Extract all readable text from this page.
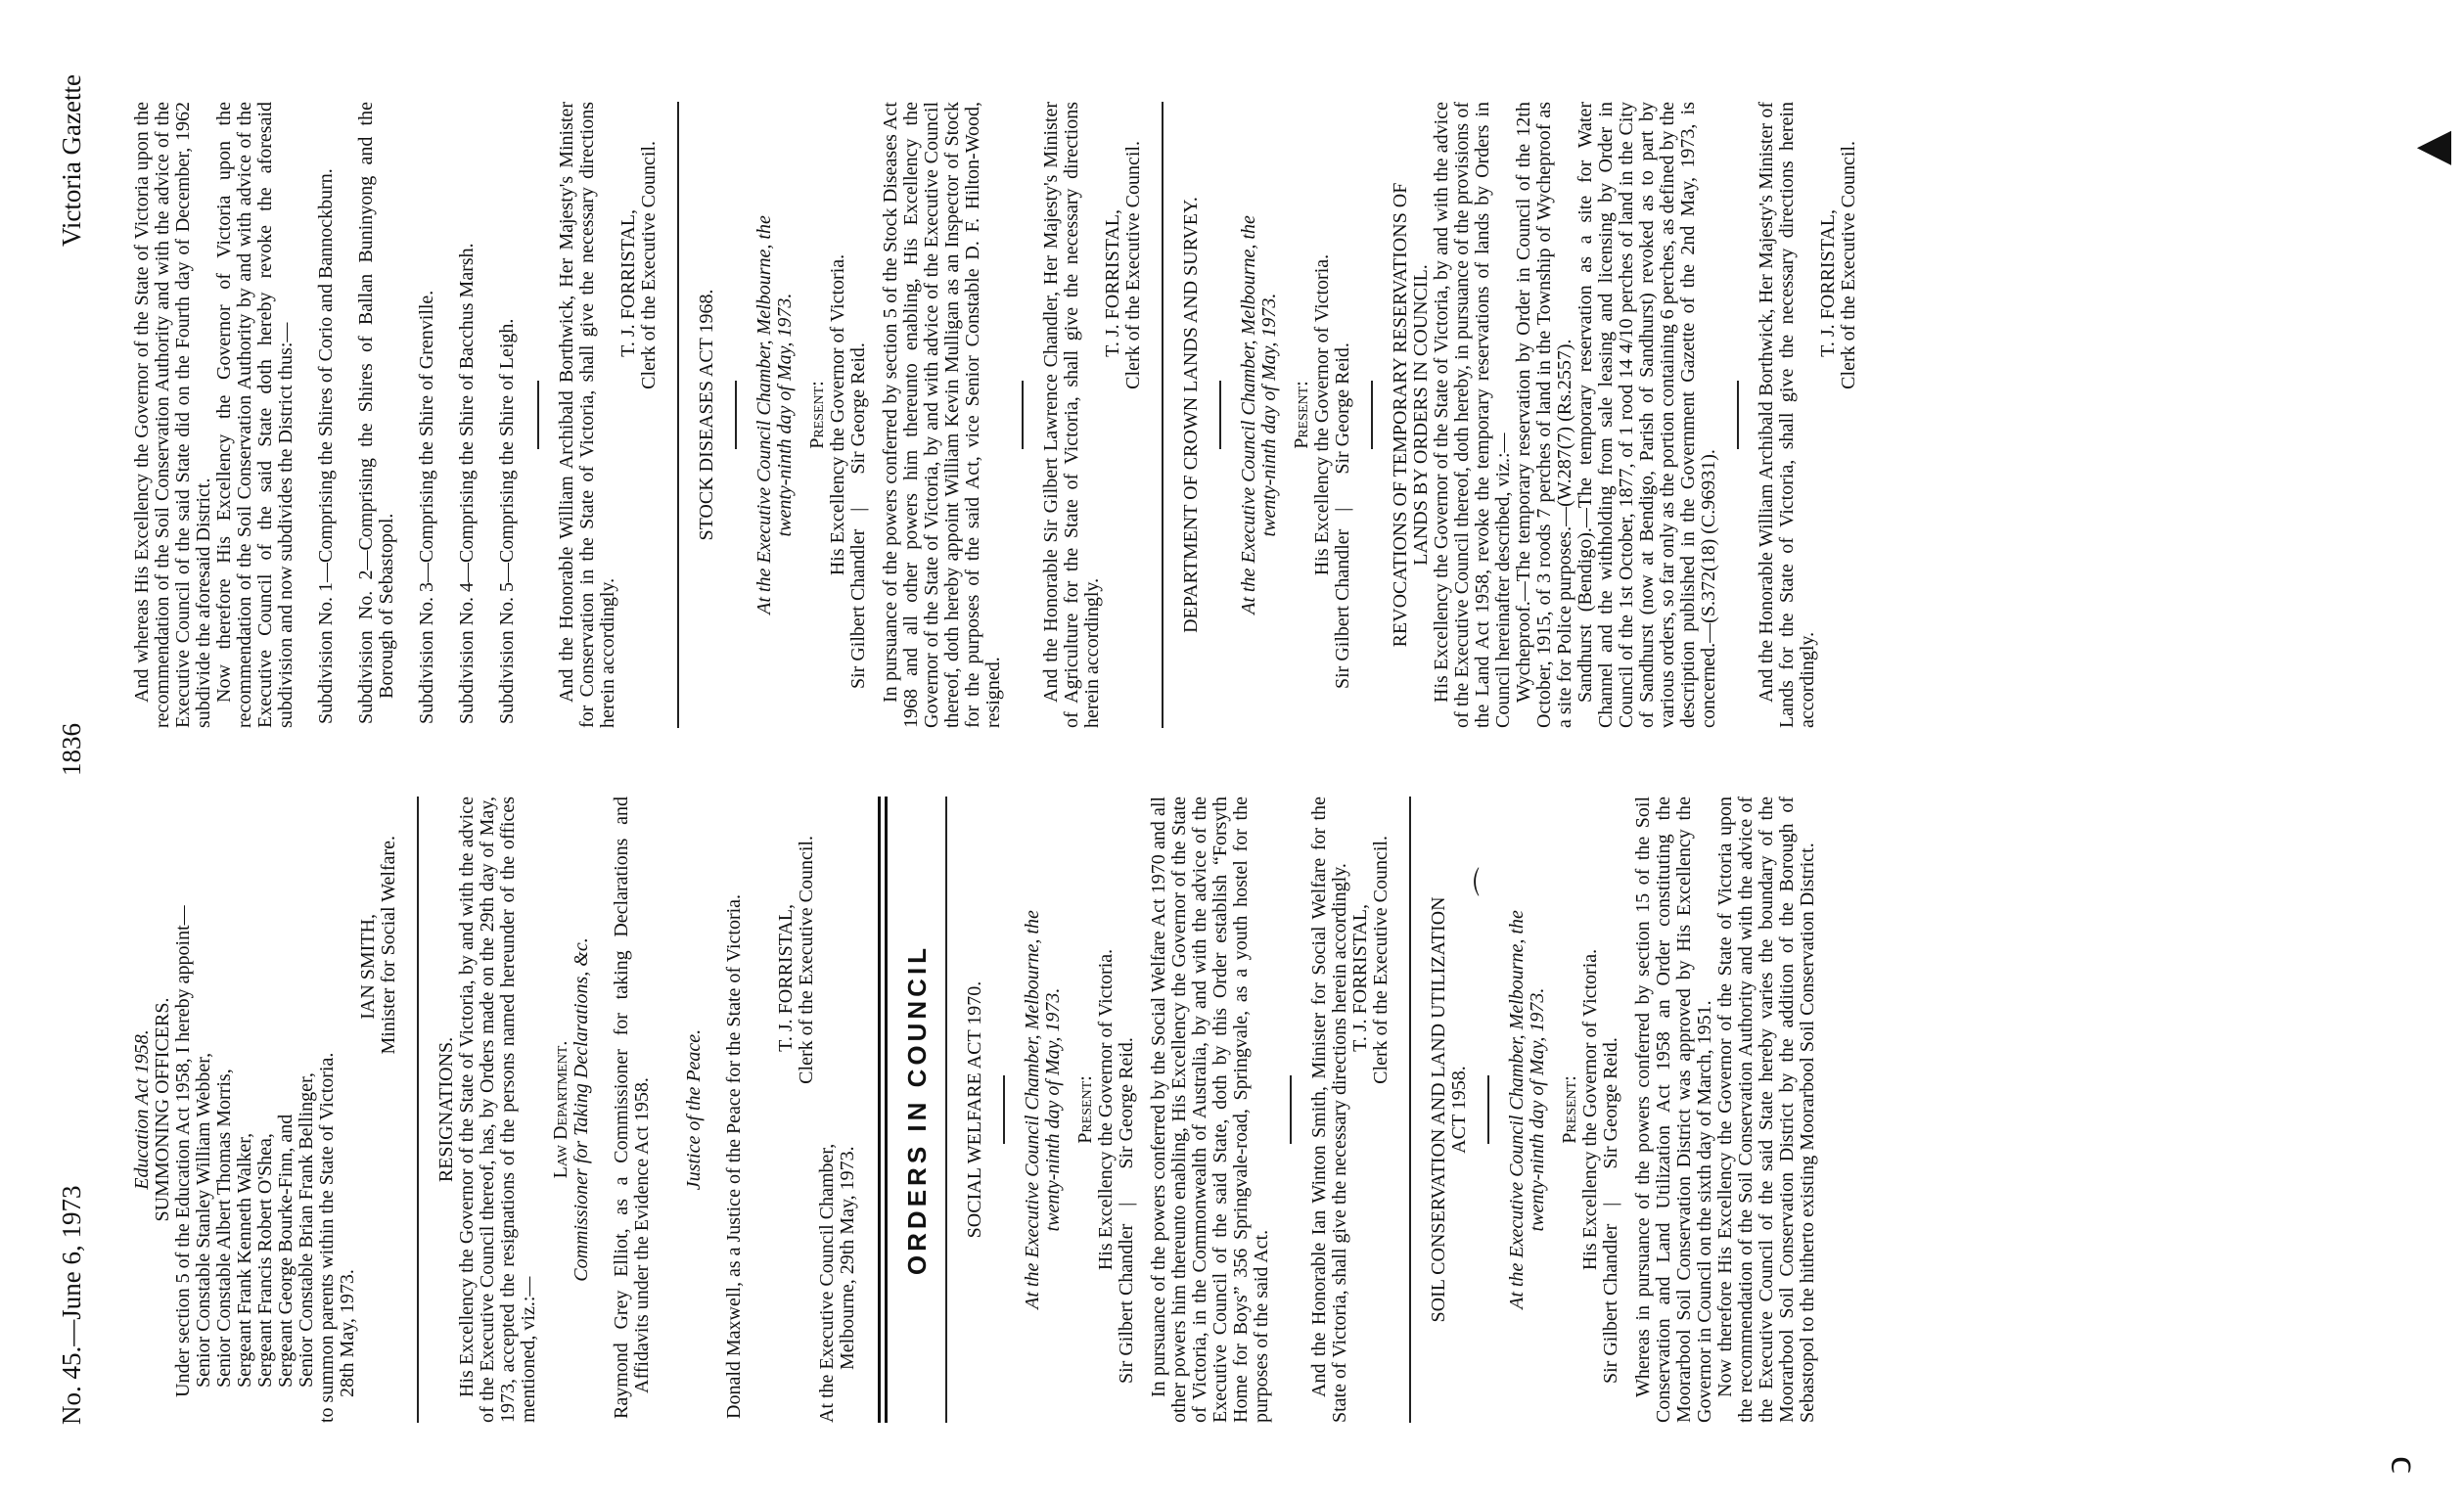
No. 45.—June 6, 1973
1836
Victoria Gazette

Education Act 1958. SUMMONING OFFICERS. Under section 5 of the Education Act 1958, I hereby appoint— Senior Constable Stanley William Webber, Senior Constable Albert Thomas Morris, Sergeant Frank Kenneth Walker, Sergeant Francis Robert O'Shea, Sergeant George Bourke-Finn, and Senior Constable Brian Frank Bellinger, to summon parents within the State of Victoria. 28th May, 1973.

IAN SMITH, Minister for Social Welfare.

RESIGNATIONS. His Excellency the Governor of the State of Victoria, by and with the advice of the Executive Council thereof, has, by Orders made on the 29th day of May, 1973, accepted the resignations of the persons named hereunder of the offices mentioned, viz.:—

Law Department. Commissioner for Taking Declarations, &c. Raymond Grey Elliot, as a Commissioner for taking Declarations and Affidavits under the Evidence Act 1958. Justice of the Peace. Donald Maxwell, as a Justice of the Peace for the State of Victoria. T. J. FORRISTAL, Clerk of the Executive Council.

At the Executive Council Chamber, Melbourne, 29th May, 1973. ORDERS IN COUNCIL SOCIAL WELFARE ACT 1970. At the Executive Council Chamber, Melbourne, the twenty-ninth day of May, 1973. Present: His Excellency the Governor of Victoria.

Sir Gilbert Chandler
|
Sir George Reid. In pursuance of the powers conferred by the Social Welfare Act 1970 and all other powers him thereunto enabling, His Excellency the Governor of the State of Victoria, in the Commonwealth of Australia, by and with the advice of the Executive Council of the said State, doth by this Order establish “Forsyth Home for Boys” 356 Springvale-road, Springvale, as a youth hostel for the purposes of the said Act. And the Honorable Ian Winton Smith, Minister for Social Welfare for the State of Victoria, shall give the necessary directions herein accordingly. T. J. FORRISTAL, Clerk of the Executive Council. SOIL CONSERVATION AND LAND UTILIZATION ACT 1958. At the Executive Council Chamber, Melbourne, the twenty-ninth day of May, 1973. Present: His Excellency the Governor of Victoria.

Sir Gilbert Chandler
|
Sir George Reid. Whereas in pursuance of the powers conferred by section 15 of the Soil Conservation and Land Utilization Act 1958 an Order constituting the Moorarbool Soil Conservation District was approved by His Excellency the Governor in Council on the sixth day of March, 1951. Now therefore His Excellency the Governor of the State of Victoria upon the recommendation of the Soil Conservation Authority and with the advice of the Executive Council of the said State hereby varies the boundary of the Moorarbool Soil Conservation District by the addition of the Borough of Sebastopol to the hitherto existing Moorarbool Soil Conservation District.

And whereas His Excellency the Governor of the State of Victoria upon the recommendation of the Soil Conservation Authority and with the advice of the Executive Council of the said State did on the Fourth day of December, 1962 subdivide the aforesaid District. Now therefore His Excellency the Governor of Victoria upon the recommendation of the Soil Conservation Authority by and with advice of the Executive Council of the said State doth hereby revoke the aforesaid subdivision and now subdivides the District thus:— Subdivision No. 1—Comprising the Shires of Corio and Bannockburn. Subdivision No. 2—Comprising the Shires of Ballan Buninyong and the Borough of Sebastopol. Subdivision No. 3—Comprising the Shire of Grenville. Subdivision No. 4—Comprising the Shire of Bacchus Marsh. Subdivision No. 5—Comprising the Shire of Leigh. And the Honorable William Archibald Borthwick, Her Majesty's Minister for Conservation in the State of Victoria, shall give the necessary directions herein accordingly.

T. J. FORRISTAL, Clerk of the Executive Council.

STOCK DISEASES ACT 1968. At the Executive Council Chamber, Melbourne, the twenty-ninth day of May, 1973. Present: His Excellency the Governor of Victoria.

Sir Gilbert Chandler
|
Sir George Reid. In pursuance of the powers conferred by section 5 of the Stock Diseases Act 1968 and all other powers him thereunto enabling, His Excellency the Governor of the State of Victoria, by and with advice of the Executive Council thereof, doth hereby appoint William Kevin Mulligan as an Inspector of Stock for the purposes of the said Act, vice Senior Constable D. F. Hilton-Wood, resigned. And the Honorable Sir Gilbert Lawrence Chandler, Her Majesty's Minister of Agriculture for the State of Victoria, shall give the necessary directions herein accordingly.

T. J. FORRISTAL, Clerk of the Executive Council. DEPARTMENT OF CROWN LANDS AND SURVEY. At the Executive Council Chamber, Melbourne, the twenty-ninth day of May, 1973. Present: His Excellency the Governor of Victoria.

Sir Gilbert Chandler
|
Sir George Reid. REVOCATIONS OF TEMPORARY RESERVATIONS OF LANDS BY ORDERS IN COUNCIL. His Excellency the Governor of the State of Victoria, by and with the advice of the Executive Council thereof, doth hereby, in pursuance of the provisions of the Land Act 1958, revoke the temporary reservations of lands by Orders in Council hereinafter described, viz.:— Wycheproof.—The temporary reservation by Order in Council of the 12th October, 1915, of 3 roods 7 perches of land in the Township of Wycheproof as a site for Police purposes.—(W.287(7) (Rs.2557). Sandhurst (Bendigo).—The temporary reservation as a site for Water Channel and the withholding from sale leasing and licensing by Order in Council of the 1st October, 1877, of 1 rood 14 4/10 perches of land in the City of Sandhurst (now at Bendigo, Parish of Sandhurst) revoked as to part by various orders, so far only as the portion containing 6 perches, as defined by the description published in the Government Gazette of the 2nd May, 1973, is concerned.—(S.372(18) (C.96931). And the Honorable William Archibald Borthwick, Her Majesty's Minister of Lands for the State of Victoria, shall give the necessary directions herein accordingly.

T. J. FORRISTAL, Clerk of the Executive Council.	▲
ↄ
⌒
